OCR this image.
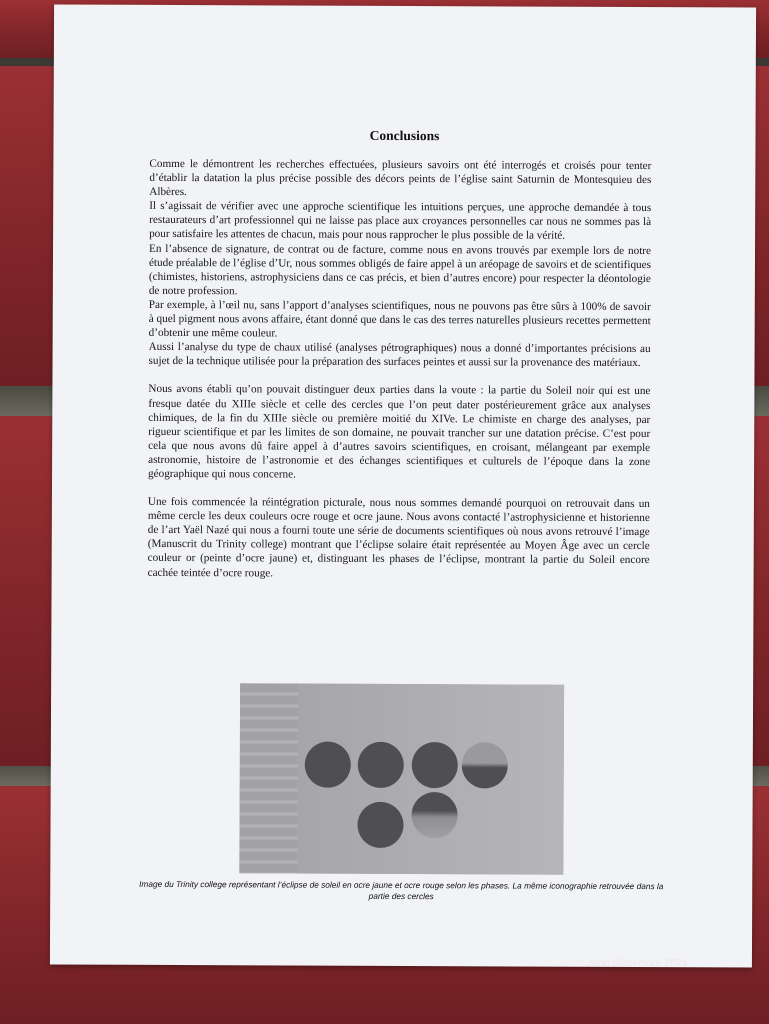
Conclusions

Comme le démontrent les recherches effectuées, plusieurs savoirs ont été interrogés et croisés pour tenter d’établir la datation la plus précise possible des décors peints de l’église saint Saturnin de Montesquieu des Albères.

Il s’agissait de vérifier avec une approche scientifique les intuitions perçues, une approche demandée à tous restaurateurs d’art professionnel qui ne laisse pas place aux croyances personnelles car nous ne sommes pas là pour satisfaire les attentes de chacun, mais pour nous rapprocher le plus possible de la vérité.

En l’absence de signature, de contrat ou de facture, comme nous en avons trouvés par exemple lors de notre étude préalable de l’église d’Ur, nous sommes obligés de faire appel à un aréopage de savoirs et de scientifiques (chimistes, historiens, astrophysiciens dans ce cas précis, et bien d’autres encore) pour respecter la déontologie de notre profession.

Par exemple, à l’œil nu, sans l’apport d’analyses scientifiques, nous ne pouvons pas être sûrs à 100% de savoir à quel pigment nous avons affaire, étant donné que dans le cas des terres naturelles plusieurs recettes permettent d’obtenir une même couleur.

Aussi l’analyse du type de chaux utilisé (analyses pétrographiques) nous a donné d’importantes précisions au sujet de la technique utilisée pour la préparation des surfaces peintes et aussi sur la provenance des matériaux.

Nous avons établi qu’on pouvait distinguer deux parties dans la voute : la partie du Soleil noir qui est une fresque datée du XIIIe siècle et celle des cercles que l’on peut dater postérieurement grâce aux analyses chimiques, de la fin du XIIIe siècle ou première moitié du XIVe. Le chimiste en charge des analyses, par rigueur scientifique et par les limites de son domaine, ne pouvait trancher sur une datation précise. C’est pour cela que nous avons dû faire appel à d’autres savoirs scientifiques, en croisant, mélangeant par exemple astronomie, histoire de l’astronomie et des échanges scientifiques et culturels de l’époque dans la zone géographique qui nous concerne.

Une fois commencée la réintégration picturale, nous nous sommes demandé pourquoi on retrouvait dans un même cercle les deux couleurs ocre rouge et ocre jaune. Nous avons contacté l’astrophysicienne et historienne de l’art Yaël Nazé qui nous a fourni toute une série de documents scientifiques où nous avons retrouvé l’image (Manuscrit du Trinity college) montrant que l’éclipse solaire était représentée au Moyen Âge avec un cercle couleur or (peinte d’ocre jaune) et, distinguant les phases de l’éclipse, montrant la partie du Soleil encore cachée teintée d’ocre rouge.

Image du Trinity college représentant l’éclipse de soleil en ocre jaune et ocre rouge selon les phases. La même iconographie retrouvée dans la partie des cercles
John Blackmore 2024
